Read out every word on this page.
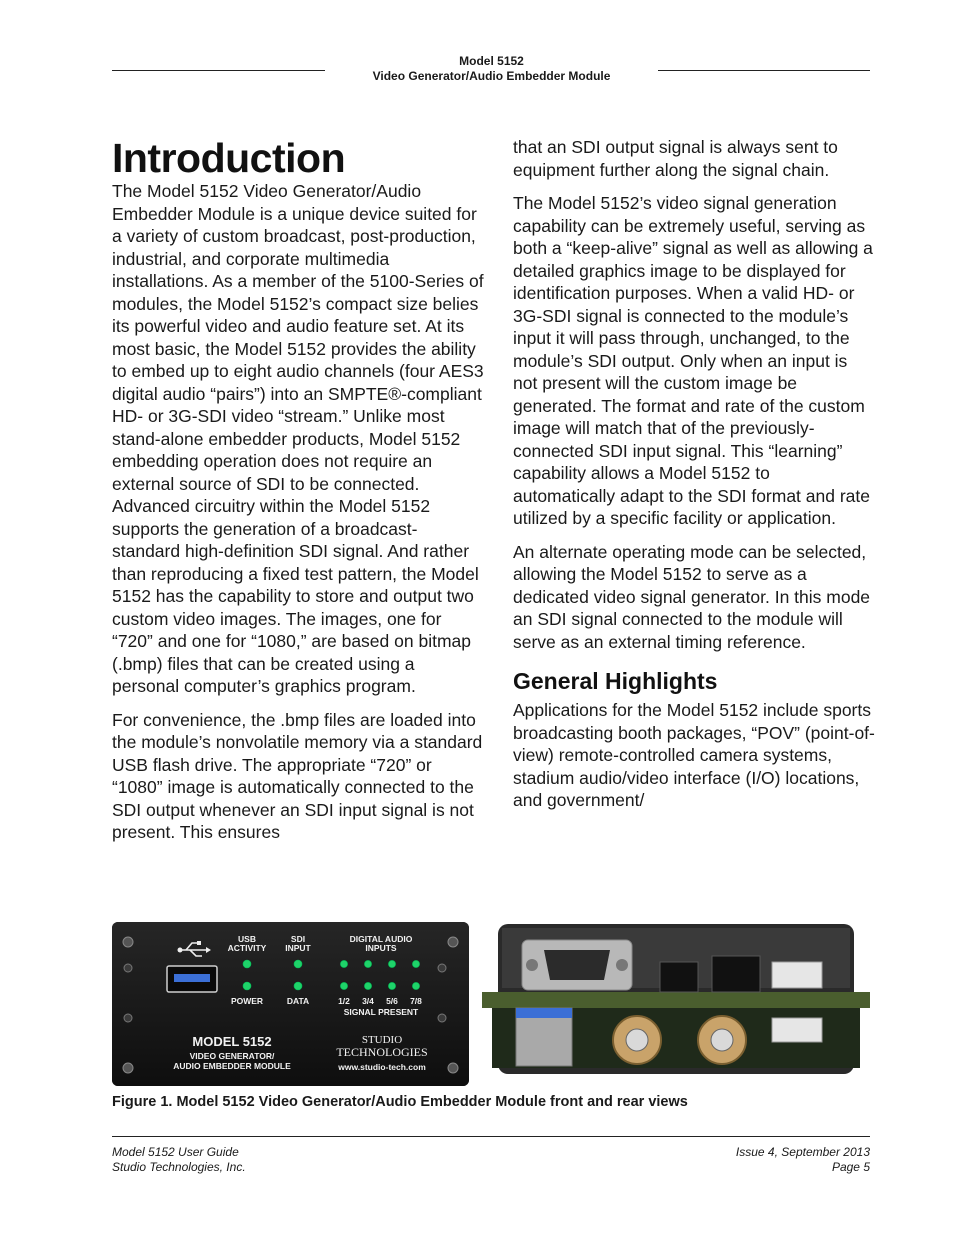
Model 5152
Video Generator/Audio Embedder Module
Introduction

The Model 5152 Video Generator/Audio Embedder Module is a unique device suited for a variety of custom broadcast, post-production, industrial, and corporate multimedia installations. As a member of the 5100-Series of modules, the Model 5152’s compact size belies its powerful video and audio feature set. At its most basic, the Model 5152 provides the ability to embed up to eight audio channels (four AES3 digital audio “pairs”) into an SMPTE®-compliant HD- or 3G-SDI video “stream.” Unlike most stand-alone embedder products, Model 5152 embedding operation does not require an external source of SDI to be connected. Advanced circuitry within the Model 5152 supports the generation of a broadcast-standard high-definition SDI signal. And rather than reproducing a fixed test pattern, the Model 5152 has the capability to store and output two custom video images. The images, one for “720” and one for “1080,” are based on bitmap (.bmp) files that can be created using a personal computer’s graphics program.

For convenience, the .bmp files are loaded into the module’s nonvolatile memory via a standard USB flash drive. The appropriate “720” or “1080” image is automatically connected to the SDI output whenever an SDI input signal is not present. This ensures

that an SDI output signal is always sent to equipment further along the signal chain.

The Model 5152’s video signal generation capability can be extremely useful, serving as both a “keep-alive” signal as well as allowing a detailed graphics image to be displayed for identification purposes. When a valid HD- or 3G-SDI signal is connected to the module’s input it will pass through, unchanged, to the module’s SDI output. Only when an input is not present will the custom image be generated. The format and rate of the custom image will match that of the previously-connected SDI input signal. This “learning” capability allows a Model 5152 to automatically adapt to the SDI format and rate utilized by a specific facility or application.

An alternate operating mode can be selected, allowing the Model 5152 to serve as a dedicated video signal generator. In this mode an SDI signal connected to the module will serve as an external timing reference.

General Highlights

Applications for the Model 5152 include sports broadcasting booth packages, “POV” (point-of-view) remote-controlled camera systems, stadium audio/video interface (I/O) locations, and government/

USB
ACTIVITY
SDI
INPUT
DIGITAL AUDIO
INPUTS
POWER	DATA	1/2 3/4 5/6 7/8
SIGNAL PRESENT
MODEL 5152
VIDEO GENERATOR/
AUDIO EMBEDDER MODULE
STUDIO
TECHNOLOGIES
www.studio-tech.com
Figure 1. Model 5152 Video Generator/Audio Embedder Module front and rear views
Model 5152 User Guide
Studio Technologies, Inc.
Issue 4, September 2013
Page 5
